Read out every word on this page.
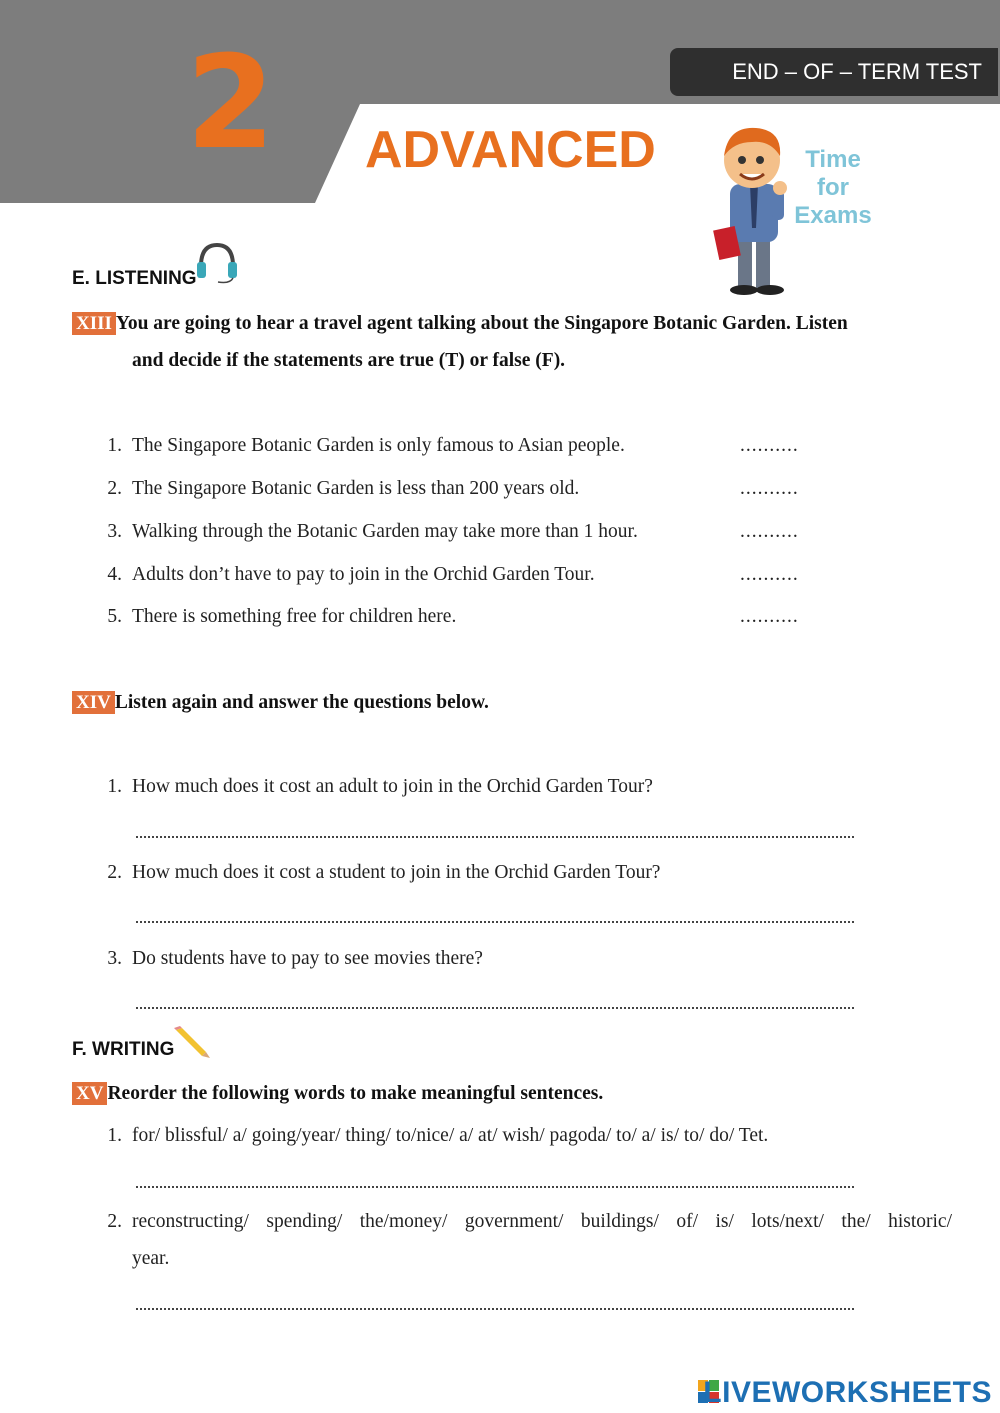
2 ADVANCED
END – OF – TERM TEST
Time
for
Exams
E. LISTENING
XIII You are going to hear a travel agent talking about the Singapore Botanic Garden. Listen
and decide if the statements are true (T) or false (F).
1. The Singapore Botanic Garden is only famous to Asian people.	..........
2. The Singapore Botanic Garden is less than 200 years old.	..........
3. Walking through the Botanic Garden may take more than 1 hour.	..........
4. Adults don’t have to pay to join in the Orchid Garden Tour.	..........
5. There is something free for children here.	..........
XIV Listen again and answer the questions below.
1. How much does it cost an adult to join in the Orchid Garden Tour?
2. How much does it cost a student to join in the Orchid Garden Tour?
3. Do students have to pay to see movies there?
F. WRITING
XV Reorder the following words to make meaningful sentences.
1. for/ blissful/ a/ going/year/ thing/ to/nice/ a/ at/ wish/ pagoda/ to/ a/ is/ to/ do/ Tet.
2. reconstructing/ spending/ the/money/ government/ buildings/ of/ is/ lots/next/ the/ historic/
year.
LIVEWORKSHEETS
